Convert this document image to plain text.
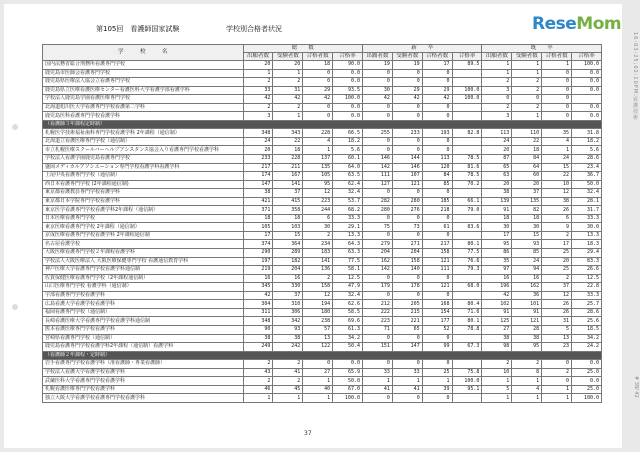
第105回　看護師国家試験	学校別合格者状況	ReseMom
学　　　校　　　名	総　　数				新　　卒				既　　卒			
	出願者数	受験者数	合格者数	合格率	出願者数	受験者数	合格者数	合格率	出願者数	受験者数	合格者数	合格率
国内法務省総合刑務所看護専門学校	20	20	18	90.0	19	19	17	89.5	1	1	1	100.0
鹿児島市医師会看護専門学校	1	1	0	0.0	0	0	0		1	1	0	0.0
鹿児島県医療法人協会立看護専門学校	2	2	0	0.0	0	0	0		2	2	0	0.0
鹿児島県立医療看護医療センター看護医科大学看護学部看護学科	33	31	29	93.5	30	29	29	100.0	3	2	0	0.0
学校法人鹿児島学園看護医療専門学校	42	42	42	100.0	42	42	42	100.0	0	0	0	
北海道旭川医大学看護専門学校看護第二学科	2	2	0	0.0	0	0	0		2	2	0	0.0
鹿児島医科看護専門学校看護学科	3	1	0	0.0	0	0	0		3	1	0	0.0
（看護師３年課程定時制）												
札幌医学技術福祉歯科専門学校看護学科 2年課程（通信制）	348	343	228	66.5	255	233	193	82.8	113	110	35	31.8
北海道立看護医療専門学校（通信制）	24	22	4	18.2	0	0	0		24	22	4	18.2
市立札幌医療スクールバーヘルプアシスタンス協会入り看護専門学校看護学科	20	18	1	5.6	0	0	0		20	18	1	5.6
学校法人看護学園鹿児島看護専門学校	233	228	137	60.1	146	144	113	78.5	87	84	24	28.6
盛岡メディカルアソシエーション専門学校看護学科看護学科	217	211	135	64.0	142	146	120	81.6	65	64	15	23.4
上尾中央看護専門学校（通信制）	174	167	105	63.5	111	107	84	78.5	63	60	22	36.7
西日本看護専門学校 (2年課程通信制)	147	141	95	62.4	127	121	85	70.2	20	20	10	50.0
東京都看護教員専門学校看護学科	38	37	12	32.4	0	0	0		38	37	12	32.4
東京都日本学院専門学校看護学科	421	415	223	53.7	282	280	185	66.1	139	135	38	28.1
東京医学看護専門学校看護学科2年課程（通信制）	371	358	244	68.2	280	276	218	79.0	91	82	26	31.7
日本医療看護専門学校	18	18	6	33.3	0	0	0		18	18	6	33.3
東京医療看護専門学校 2年課程（通信制）	105	103	30	29.1	75	73	61	83.6	30	30	9	30.0
京成医療看護専門学校看護学科 2年課程通信制	17	15	2	13.3	0	0	0		17	15	2	13.3
名古屋看護学校	374	364	234	64.3	279	271	217	80.1	95	93	17	18.3
大阪医療看護専門学校２年課程看護学科	290	289	183	63.3	204	204	158	77.5	86	85	25	29.4
学校法人大阪医療法人 大阪医療保健専門学校 看護通信教育学科	197	182	141	77.5	162	158	121	76.6	35	24	20	83.3
神戸医療大学看護専門学校看護学科通信制	219	204	136	58.1	142	140	111	79.3	97	94	25	26.6
佐賀保健医療看護専門学校（2年課程通信制）	16	16	2	12.5	0	0	0		16	16	2	12.5
山口医療専門学校 看護学科（通信制）	345	330	158	47.9	179	178	121	68.0	196	162	37	22.8
宇部看護専門学校看護学科	42	37	12	32.4	0	0	0		42	36	12	33.3
広島看護大学看護学校看護学科	304	310	194	62.6	212	205	168	80.4	102	101	26	25.7
福岡看護専門学校（通信制）	311	306	180	58.5	222	215	154	71.6	91	91	26	28.6
長崎看護医療大学看護専門学校看護学科通信制	348	342	238	69.6	223	221	177	80.1	125	121	31	25.6
熊本看護医療専門学校看護学科	90	93	57	61.3	71	65	52	78.8	27	28	5	18.5
宮崎県看護専門学校（通信制）	38	38	13	34.2	0	0	0		38	38	13	34.2
鹿児島看護専門学校看護学科2年課程（通信制）看護学科	249	242	122	50.4	151	147	99	67.3	98	95	23	24.2
（看護師２年課程・定時制）												
岩手看護専門学校看護学科（准看護師・専業看護師）	2	2	0	0.0	0	0	0		2	2	0	0.0
学校法人看護大学看護学校看護学科	43	41	27	65.9	33	33	25	75.8	10	8	2	25.0
武蔵医科大学看護専門学校看護学科	2	2	1	50.0	1	1	1	100.0	1	1	0	0.0
札幌看護医療専門学校看護学科	46	45	40	67.0	41	41	39	95.1	5	4	1	25.0
独立大阪大学看護学校看護専門学校看護学科	1	1	1	100.0	0	0	0		1	1	1	100.0
37
16-03-25;02:10PM;看護技術
# 38/ 42
